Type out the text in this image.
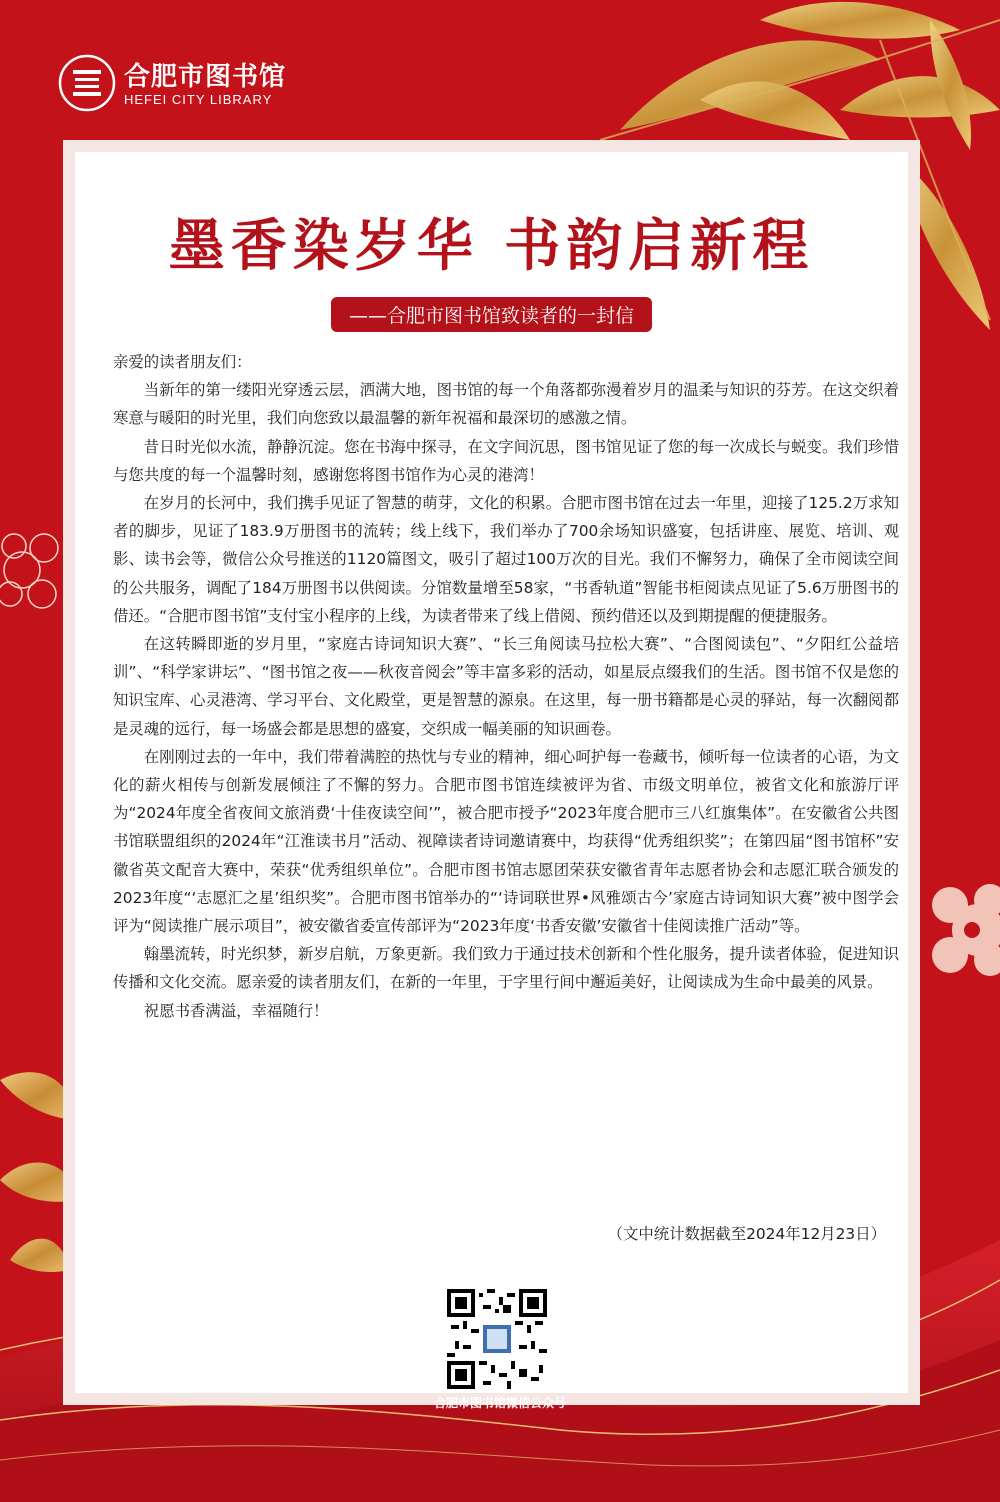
合肥市图书馆
HEFEI CITY LIBRARY
墨香染岁华 书韵启新程
——合肥市图书馆致读者的一封信

亲爱的读者朋友们：

当新年的第一缕阳光穿透云层，洒满大地，图书馆的每一个角落都弥漫着岁月的温柔与知识的芬芳。在这交织着寒意与暖阳的时光里，我们向您致以最温馨的新年祝福和最深切的感激之情。

昔日时光似水流，静静沉淀。您在书海中探寻，在文字间沉思，图书馆见证了您的每一次成长与蜕变。我们珍惜与您共度的每一个温馨时刻，感谢您将图书馆作为心灵的港湾！

在岁月的长河中，我们携手见证了智慧的萌芽，文化的积累。合肥市图书馆在过去一年里，迎接了125.2万求知者的脚步，见证了183.9万册图书的流转；线上线下，我们举办了700余场知识盛宴，包括讲座、展览、培训、观影、读书会等，微信公众号推送的1120篇图文，吸引了超过100万次的目光。我们不懈努力，确保了全市阅读空间的公共服务，调配了184万册图书以供阅读。分馆数量增至58家，“书香轨道”智能书柜阅读点见证了5.6万册图书的借还。“合肥市图书馆”支付宝小程序的上线，为读者带来了线上借阅、预约借还以及到期提醒的便捷服务。

在这转瞬即逝的岁月里，“家庭古诗词知识大赛”、“长三角阅读马拉松大赛”、“合图阅读包”、“夕阳红公益培训”、“科学家讲坛”、“图书馆之夜——秋夜音阅会”等丰富多彩的活动，如星辰点缀我们的生活。图书馆不仅是您的知识宝库、心灵港湾、学习平台、文化殿堂，更是智慧的源泉。在这里，每一册书籍都是心灵的驿站，每一次翻阅都是灵魂的远行，每一场盛会都是思想的盛宴，交织成一幅美丽的知识画卷。

在刚刚过去的一年中，我们带着满腔的热忱与专业的精神，细心呵护每一卷藏书，倾听每一位读者的心语，为文化的薪火相传与创新发展倾注了不懈的努力。合肥市图书馆连续被评为省、市级文明单位，被省文化和旅游厅评为“2024年度全省夜间文旅消费‘十佳夜读空间’”，被合肥市授予“2023年度合肥市三八红旗集体”。在安徽省公共图书馆联盟组织的2024年“江淮读书月”活动、视障读者诗词邀请赛中，均获得“优秀组织奖”；在第四届“图书馆杯”安徽省英文配音大赛中，荣获“优秀组织单位”。合肥市图书馆志愿团荣获安徽省青年志愿者协会和志愿汇联合颁发的2023年度“‘志愿汇之星’组织奖”。合肥市图书馆举办的“‘诗词联世界•风雅颂古今’家庭古诗词知识大赛”被中图学会评为“阅读推广展示项目”，被安徽省委宣传部评为“2023年度‘书香安徽’安徽省十佳阅读推广活动”等。

翰墨流转，时光织梦，新岁启航，万象更新。我们致力于通过技术创新和个性化服务，提升读者体验，促进知识传播和文化交流。愿亲爱的读者朋友们，在新的一年里，于字里行间中邂逅美好，让阅读成为生命中最美的风景。

祝愿书香满溢，幸福随行！

（文中统计数据截至2024年12月23日）
合肥市图书馆微信公众号
